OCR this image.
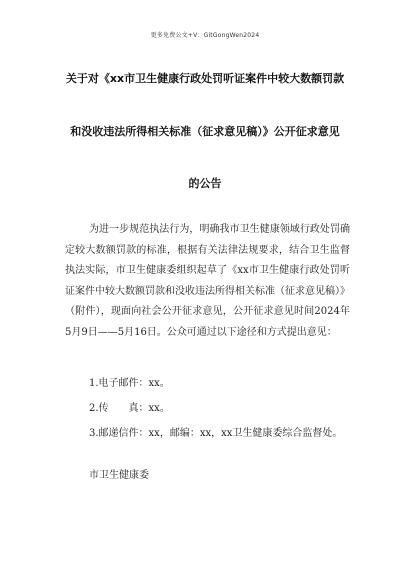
更多免费公文+V：GitGongWen2024
关于对《xx市卫生健康行政处罚听证案件中较大数额罚款
和没收违法所得相关标准（征求意见稿）》公开征求意见
的公告
为进一步规范执法行为，明确我市卫生健康领域行政处罚确定较大数额罚款的标准，根据有关法律法规要求，结合卫生监督执法实际，市卫生健康委组织起草了《xx市卫生健康行政处罚听证案件中较大数额罚款和没收违法所得相关标准（征求意见稿）》（附件），现面向社会公开征求意见，公开征求意见时间2024年5月9日——5月16日。公众可通过以下途径和方式提出意见：
1.电子邮件：xx。
2.传　　真：xx。
3.邮递信件：xx，邮编：xx，xx卫生健康委综合监督处。
市卫生健康委
